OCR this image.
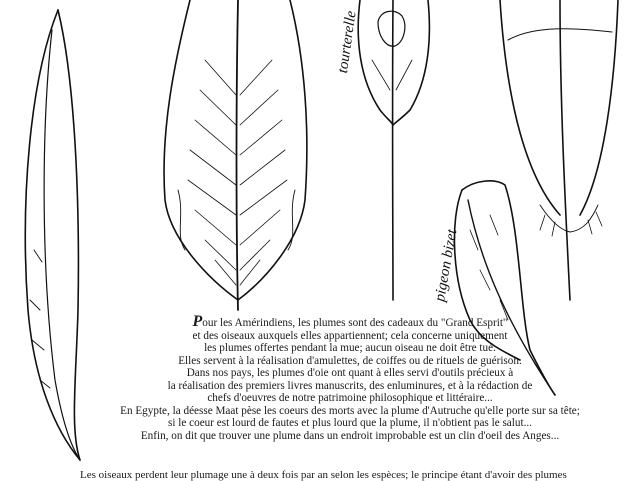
tourterelle
pigeon bizet

Pour les Amérindiens, les plumes sont des cadeaux du "Grand Esprit"

et des oiseaux auxquels elles appartiennent; cela concerne uniquement

les plumes offertes pendant la mue; aucun oiseau ne doit être tué.

Elles servent à la réalisation d'amulettes, de coiffes ou de rituels de guérison.

Dans nos pays, les plumes d'oie ont quant à elles servi d'outils précieux à

la réalisation des premiers livres manuscrits, des enluminures, et à la rédaction de

chefs d'oeuvres de notre patrimoine philosophique et littéraire...

En Egypte, la déesse Maat pèse les coeurs des morts avec la plume d'Autruche qu'elle porte sur sa tête;

si le coeur est lourd de fautes et plus lourd que la plume, il n'obtient pas le salut...

Enfin, on dit que trouver une plume dans un endroit improbable est un clin d'oeil des Anges...

Les oiseaux perdent leur plumage une à deux fois par an selon les espèces; le principe étant d'avoir des plumes
